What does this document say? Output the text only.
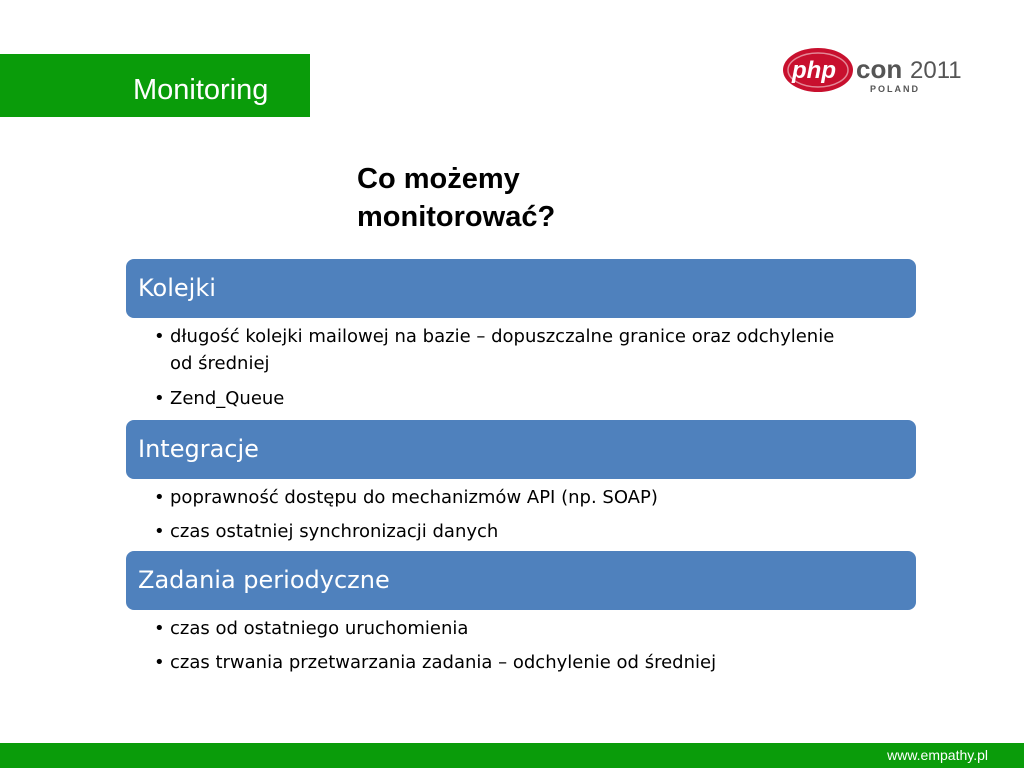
Monitoring
php con 2011
POLAND
Co możemy monitorować?
Kolejki
• długość kolejki mailowej na bazie – dopuszczalne granice oraz odchylenie od średniej
• Zend_Queue
Integracje
• poprawność dostępu do mechanizmów API (np. SOAP)
• czas ostatniej synchronizacji danych
Zadania periodyczne
• czas od ostatniego uruchomienia
• czas trwania przetwarzania zadania – odchylenie od średniej
www.empathy.pl
